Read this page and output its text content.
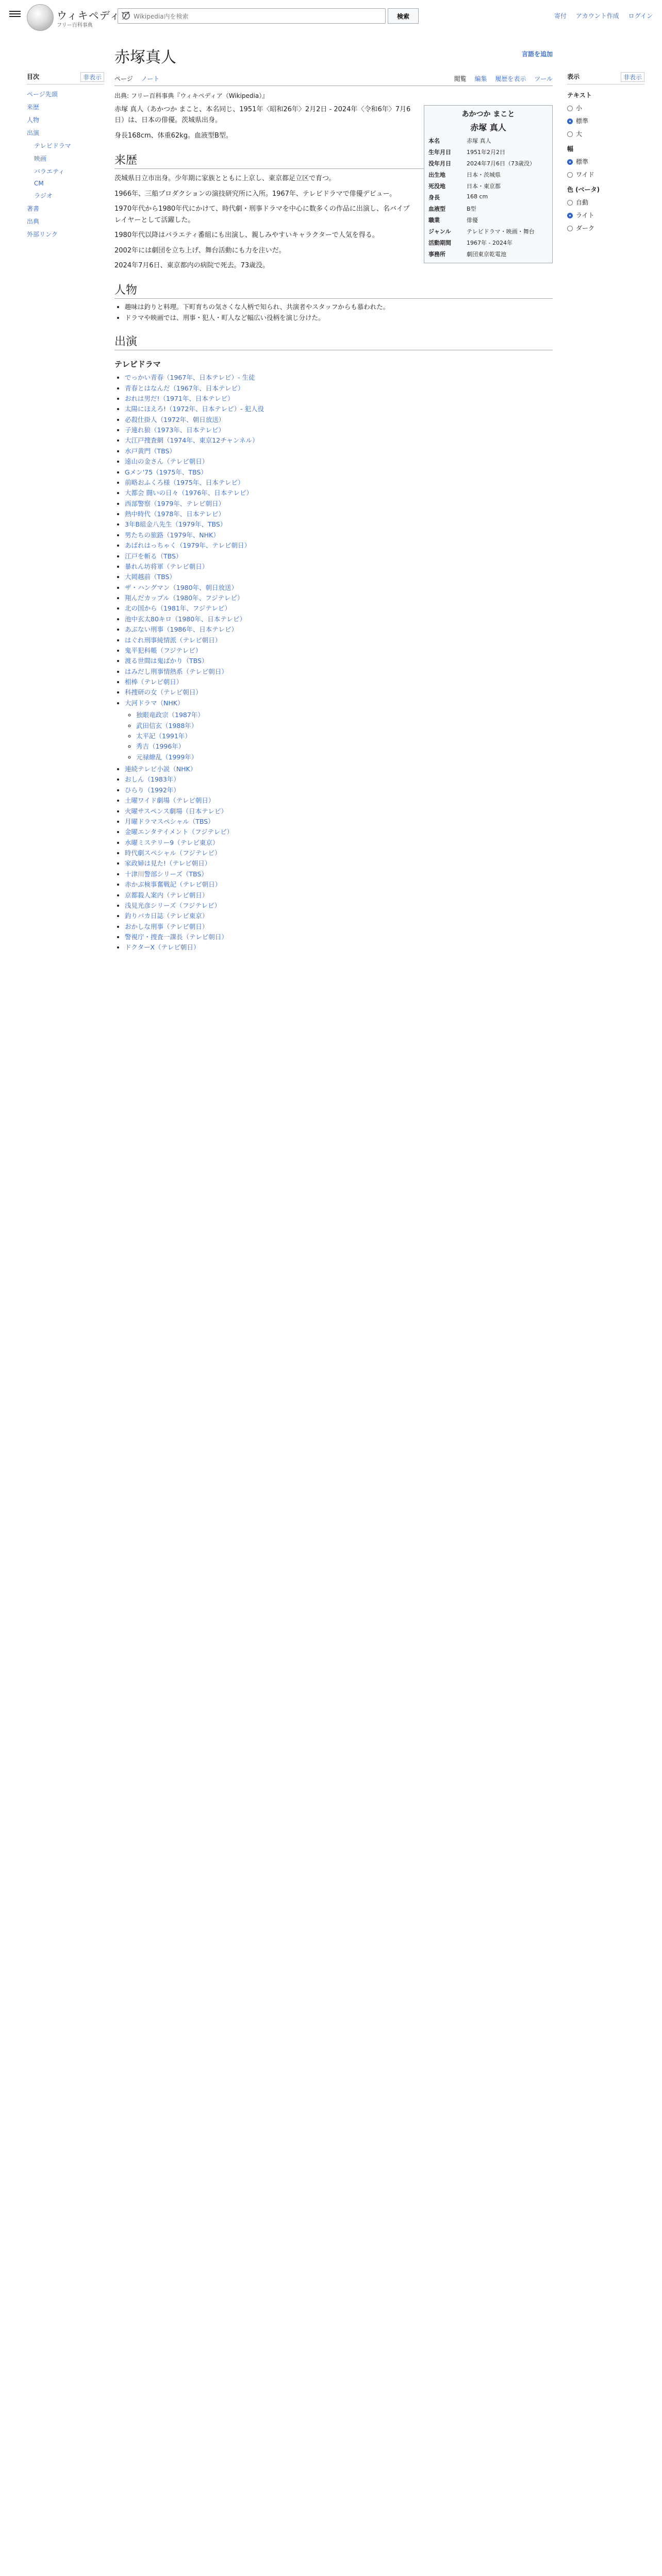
ウィキペディア
フリー百科事典
Wikipedia内を検索
検索	寄付 アカウント作成 ログイン
目次	非表示
ページ先頭
来歴
人物
出演
テレビドラマ
映画
バラエティ
CM
ラジオ
著書
出典
外部リンク
表示	非表示
テキスト
小
標準
大
幅
標準
ワイド
色 (ベータ)
自動
ライト
ダーク
赤塚真人	言語を追加
ページ ノート	閲覧 編集 履歴を表示 ツール
出典: フリー百科事典『ウィキペディア（Wikipedia）』
あかつか まこと
赤塚 真人
本名	赤塚 真人
生年月日	1951年2月2日
没年月日	2024年7月6日（73歳没）
出生地	日本・茨城県
死没地	日本・東京都
身長	168 cm
血液型	B型
職業	俳優
ジャンル	テレビドラマ・映画・舞台
活動期間	1967年 - 2024年
事務所	劇団東京乾電池

赤塚 真人（あかつか まこと、本名同じ、1951年〈昭和26年〉2月2日 - 2024年〈令和6年〉7月6日）は、日本の俳優。茨城県出身。

身長168cm、体重62kg。血液型B型。

来歴

茨城県日立市出身。少年期に家族とともに上京し、東京都足立区で育つ。

1966年、三船プロダクションの演技研究所に入所。1967年、テレビドラマで俳優デビュー。

1970年代から1980年代にかけて、時代劇・刑事ドラマを中心に数多くの作品に出演し、名バイプレイヤーとして活躍した。

1980年代以降はバラエティ番組にも出演し、親しみやすいキャラクターで人気を得る。

2002年には劇団を立ち上げ、舞台活動にも力を注いだ。

2024年7月6日、東京都内の病院で死去。73歳没。

人物
• 趣味は釣りと料理。下町育ちの気さくな人柄で知られ、共演者やスタッフからも慕われた。
• ドラマや映画では、刑事・犯人・町人など幅広い役柄を演じ分けた。
出演
テレビドラマ
• でっかい青春（1967年、日本テレビ）- 生徒
• 青春とはなんだ（1967年、日本テレビ）
• おれは男だ!（1971年、日本テレビ）
• 太陽にほえろ!（1972年、日本テレビ）- 犯人役
• 必殺仕掛人（1972年、朝日放送）
• 子連れ狼（1973年、日本テレビ）
• 大江戸捜査網（1974年、東京12チャンネル）
• 水戸黄門（TBS）
• 遠山の金さん（テレビ朝日）
• Gメン'75（1975年、TBS）
• 前略おふくろ様（1975年、日本テレビ）
• 大都会 闘いの日々（1976年、日本テレビ）
• 西部警察（1979年、テレビ朝日）
• 熱中時代（1978年、日本テレビ）
• 3年B組金八先生（1979年、TBS）
• 男たちの旅路（1979年、NHK）
• あばれはっちゃく（1979年、テレビ朝日）
• 江戸を斬る（TBS）
• 暴れん坊将軍（テレビ朝日）
• 大岡越前（TBS）
• ザ・ハングマン（1980年、朝日放送）
• 翔んだカップル（1980年、フジテレビ）
• 北の国から（1981年、フジテレビ）
• 池中玄太80キロ（1980年、日本テレビ）
• あぶない刑事（1986年、日本テレビ）
• はぐれ刑事純情派（テレビ朝日）
• 鬼平犯科帳（フジテレビ）
• 渡る世間は鬼ばかり（TBS）
• はみだし刑事情熱系（テレビ朝日）
• 相棒（テレビ朝日）
• 科捜研の女（テレビ朝日）
• 大河ドラマ（NHK）
◦ 独眼竜政宗（1987年）
◦ 武田信玄（1988年）
◦ 太平記（1991年）
◦ 秀吉（1996年）
◦ 元禄繚乱（1999年）
• 連続テレビ小説（NHK）
• おしん（1983年）
• ひらり（1992年）
• 土曜ワイド劇場（テレビ朝日）
• 火曜サスペンス劇場（日本テレビ）
• 月曜ドラマスペシャル（TBS）
• 金曜エンタテイメント（フジテレビ）
• 水曜ミステリー9（テレビ東京）
• 時代劇スペシャル（フジテレビ）
• 家政婦は見た!（テレビ朝日）
• 十津川警部シリーズ（TBS）
• 赤かぶ検事奮戦記（テレビ朝日）
• 京都殺人案内（テレビ朝日）
• 浅見光彦シリーズ（フジテレビ）
• 釣りバカ日誌（テレビ東京）
• おかしな刑事（テレビ朝日）
• 警視庁・捜査一課長（テレビ朝日）
• ドクターX（テレビ朝日）
